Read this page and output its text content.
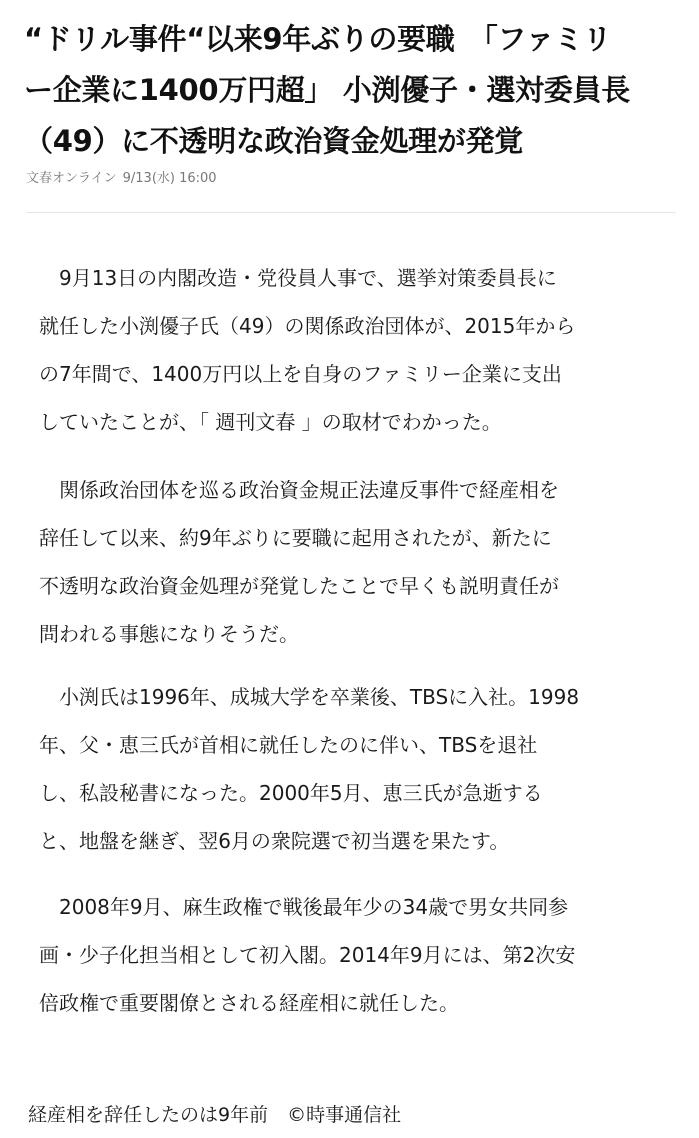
“ドリル事件“以来9年ぶりの要職　「ファミリ
ー企業に1400万円超」 小渕優子・選対委員長
（49）に不透明な政治資金処理が発覚
文春オンライン 9/13(水) 16:00

　9月13日の内閣改造・党役員人事で、選挙対策委員長に
就任した小渕優子氏（49）の関係政治団体が、2015年から
の7年間で、1400万円以上を自身のファミリー企業に支出
していたことが、「 週刊文春 」の取材でわかった。

　関係政治団体を巡る政治資金規正法違反事件で経産相を
辞任して以来、約9年ぶりに要職に起用されたが、新たに
不透明な政治資金処理が発覚したことで早くも説明責任が
問われる事態になりそうだ。

　小渕氏は1996年、成城大学を卒業後、TBSに入社。1998
年、父・恵三氏が首相に就任したのに伴い、TBSを退社
し、私設秘書になった。2000年5月、恵三氏が急逝する
と、地盤を継ぎ、翌6月の衆院選で初当選を果たす。

　2008年9月、麻生政権で戦後最年少の34歳で男女共同参
画・少子化担当相として初入閣。2014年9月には、第2次安
倍政権で重要閣僚とされる経産相に就任した。

経産相を辞任したのは9年前　©時事通信社
